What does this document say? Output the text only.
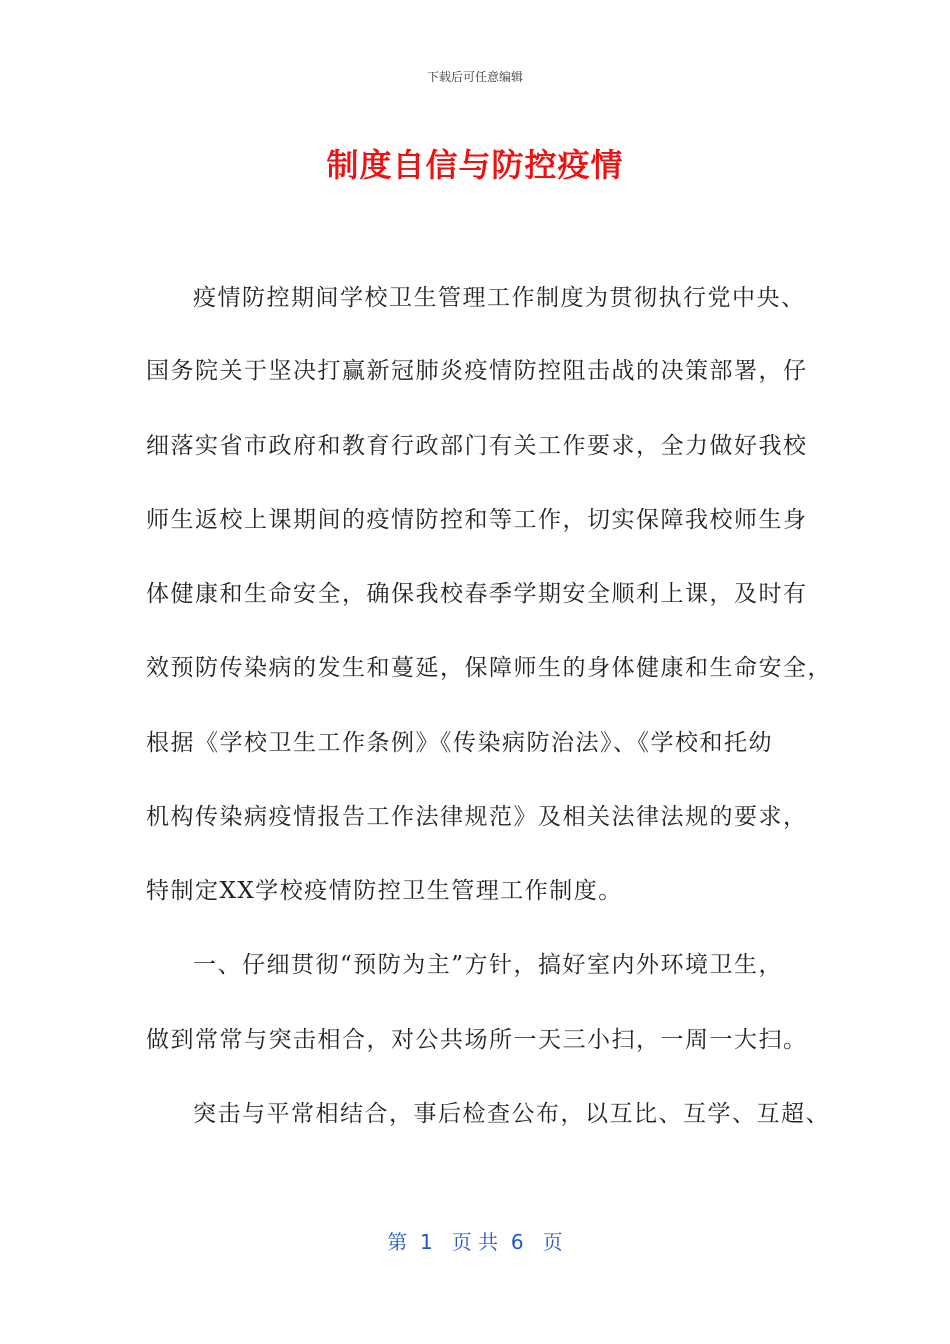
下载后可任意编辑
制度自信与防控疫情
疫情防控期间学校卫生管理工作制度为贯彻执行党中央、
国务院关于坚决打赢新冠肺炎疫情防控阻击战的决策部署，仔
细落实省市政府和教育行政部门有关工作要求，全力做好我校
师生返校上课期间的疫情防控和等工作，切实保障我校师生身
体健康和生命安全，确保我校春季学期安全顺利上课，及时有
效预防传染病的发生和蔓延，保障师生的身体健康和生命安全，
根据《学校卫生工作条例》《传染病防治法》、《学校和托幼
机构传染病疫情报告工作法律规范》及相关法律法规的要求，
特制定XX学校疫情防控卫生管理工作制度。
一、仔细贯彻“预防为主”方针，搞好室内外环境卫生，
做到常常与突击相合，对公共场所一天三小扫，一周一大扫。
突击与平常相结合，事后检查公布，以互比、互学、互超、
第  1   页 共  6   页
